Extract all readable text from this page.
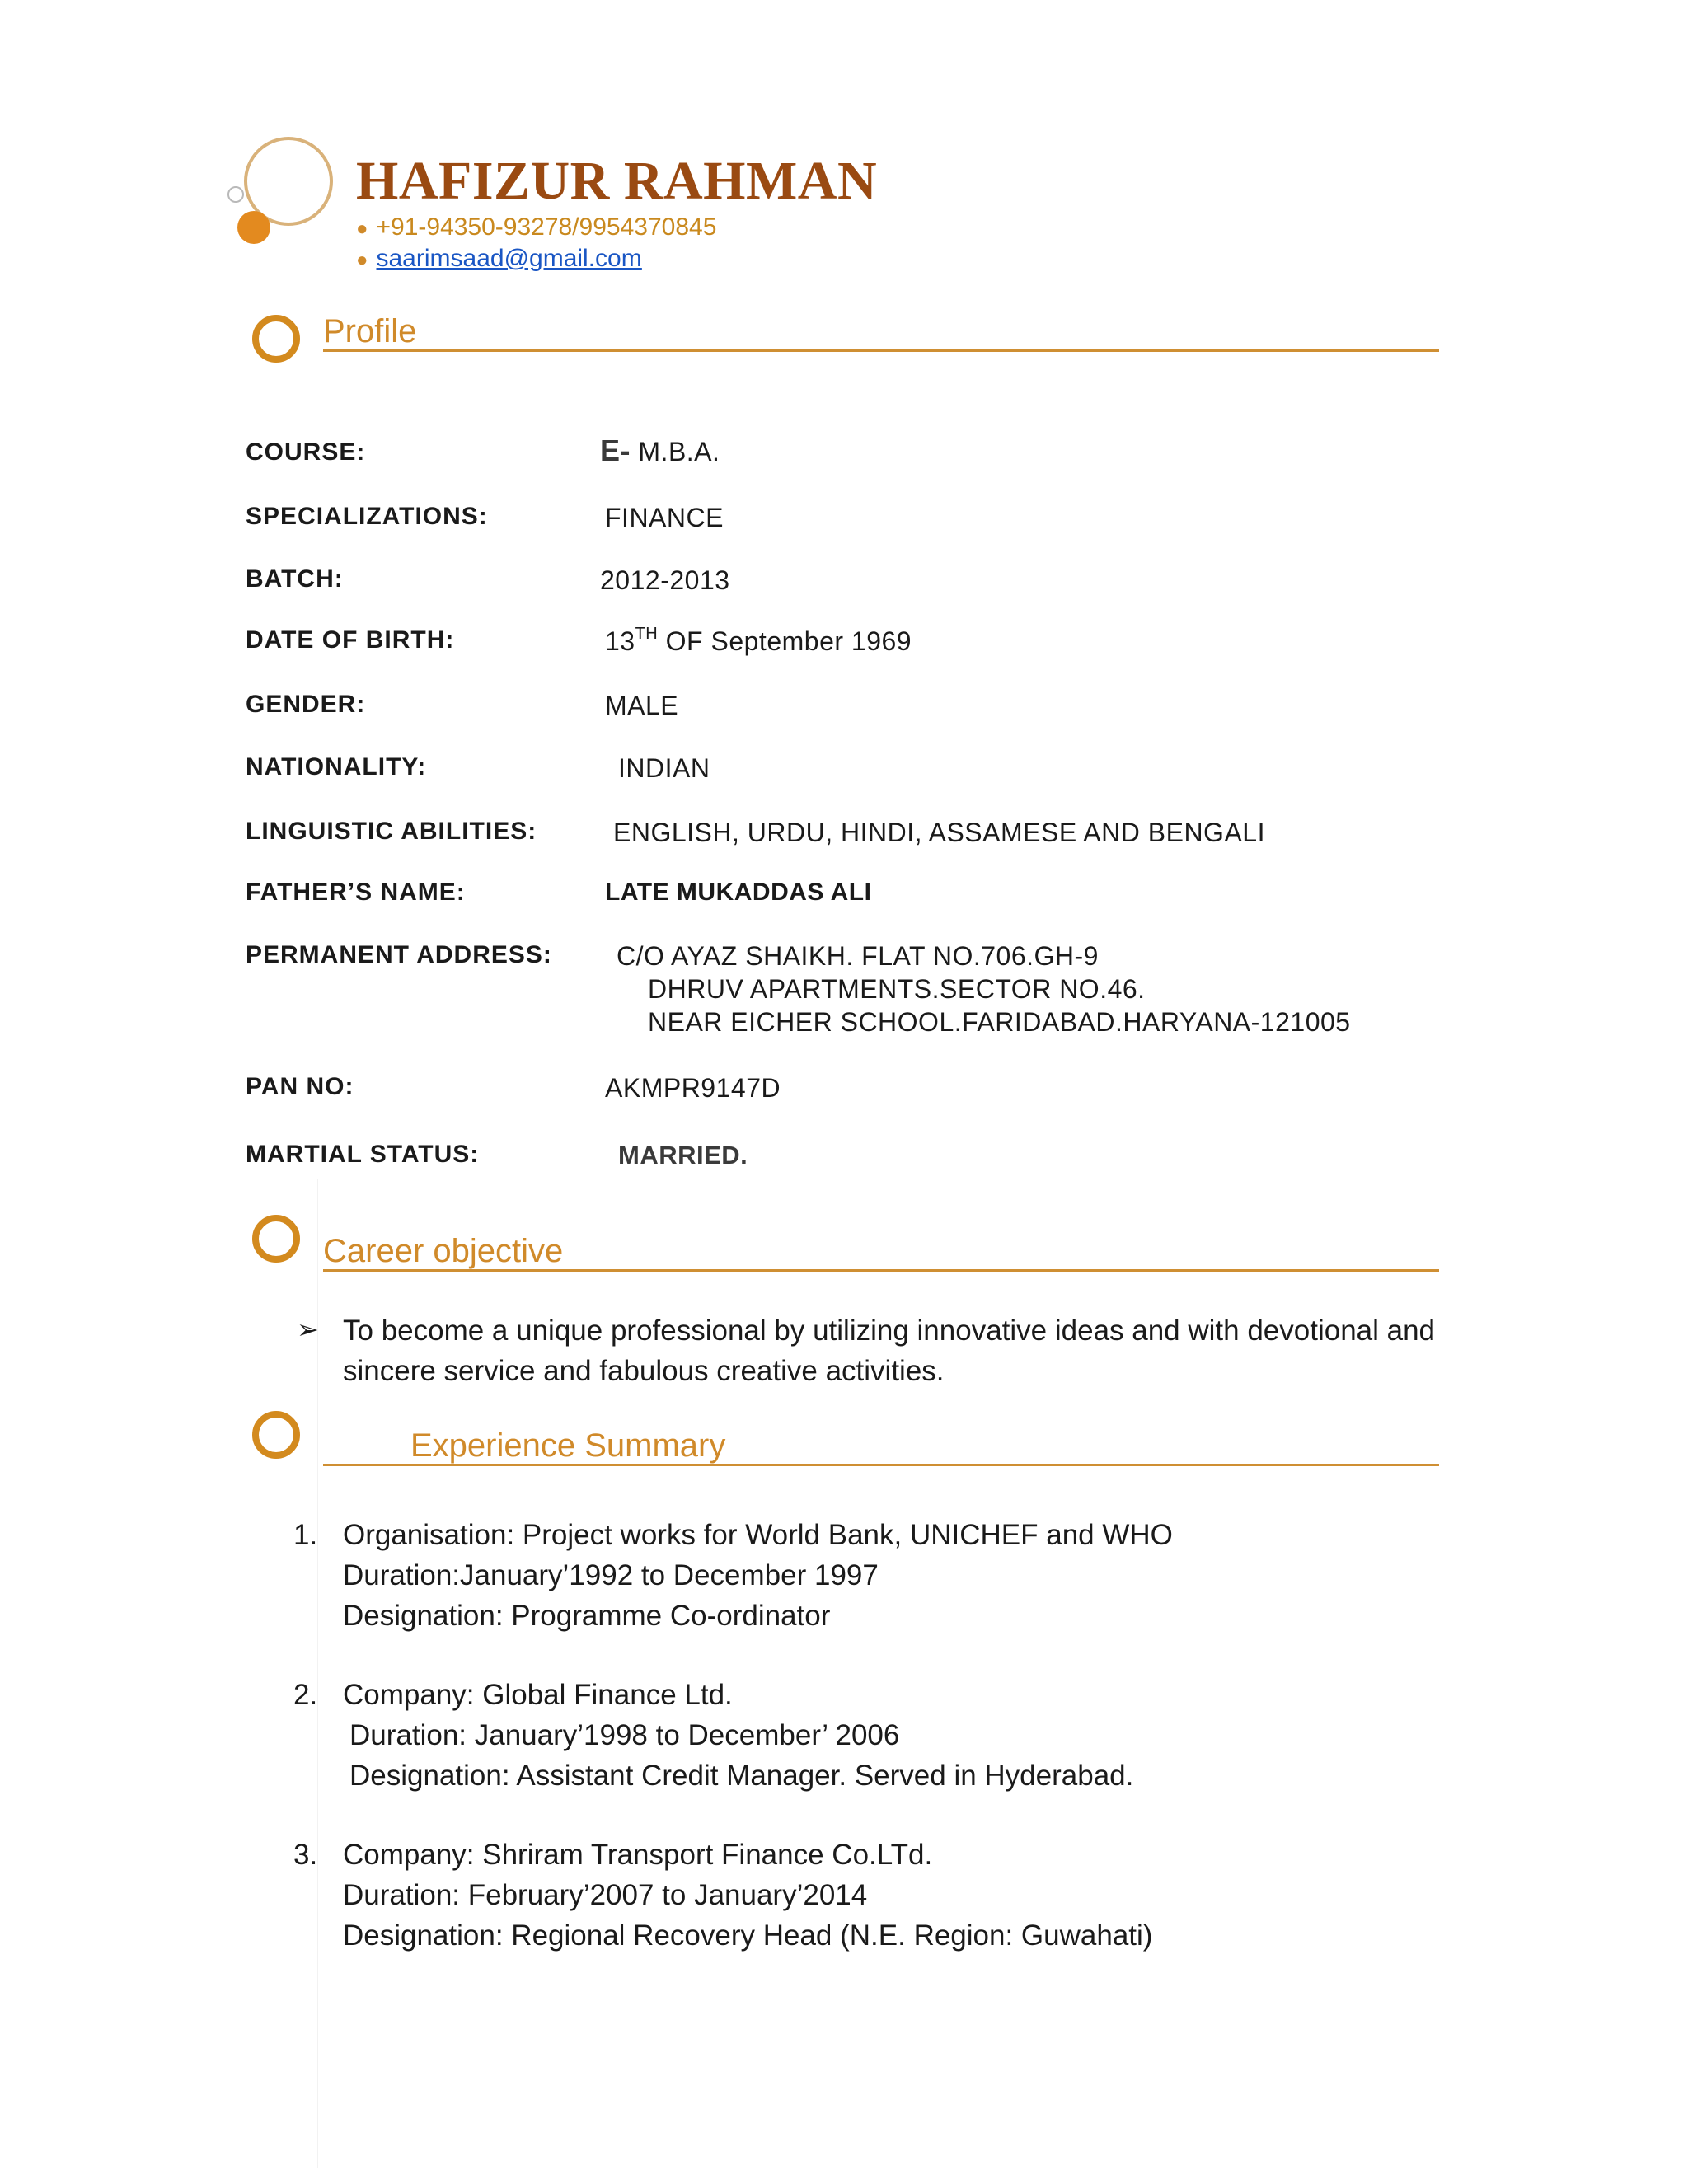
HAFIZUR RAHMAN
● +91-94350-93278/9954370845
● saarimsaad@gmail.com
Profile
COURSE:	E- M.B.A.
SPECIALIZATIONS:	FINANCE
BATCH:	2012-2013
DATE OF BIRTH:	13TH OF September 1969
GENDER:	MALE
NATIONALITY:	INDIAN
LINGUISTIC ABILITIES:	ENGLISH, URDU, HINDI, ASSAMESE AND BENGALI
FATHER’S NAME:	LATE MUKADDAS ALI
PERMANENT ADDRESS: C/O AYAZ SHAIKH. FLAT NO.706.GH-9
DHRUV APARTMENTS.SECTOR NO.46.
NEAR EICHER SCHOOL.FARIDABAD.HARYANA-121005
PAN NO:	AKMPR9147D
MARTIAL STATUS:	MARRIED.
Career objective
➢ To become a unique professional by utilizing innovative ideas and with devotional and sincere service and fabulous creative activities.

Experience Summary
1. Organisation: Project works for World Bank, UNICHEF and WHO
Duration:January’1992 to December 1997
Designation: Programme Co-ordinator
2. Company: Global Finance Ltd.
Duration: January’1998 to December’ 2006
Designation: Assistant Credit Manager. Served in Hyderabad.
3. Company: Shriram Transport Finance Co.LTd.
Duration: February’2007 to January’2014
Designation: Regional Recovery Head (N.E. Region: Guwahati)
